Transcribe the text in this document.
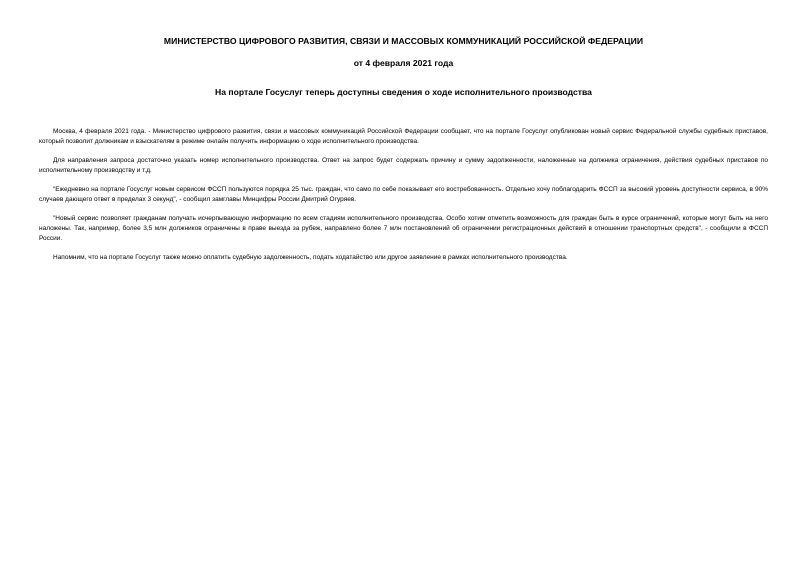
МИНИСТЕРСТВО ЦИФРОВОГО РАЗВИТИЯ, СВЯЗИ И МАССОВЫХ КОММУНИКАЦИЙ РОССИЙСКОЙ ФЕДЕРАЦИИ
от 4 февраля 2021 года
На портале Госуслуг теперь доступны сведения о ходе исполнительного производства

Москва, 4 февраля 2021 года. - Министерство цифрового развития, связи и массовых коммуникаций Российской Федерации сообщает, что на портале Госуслуг опубликован новый сервис Федеральной службы судебных приставов, который позволит должникам и взыскателям в режиме онлайн получить информацию о ходе исполнительного производства.

Для направления запроса достаточно указать номер исполнительного производства. Ответ на запрос будет содержать причину и сумму задолженности, наложенные на должника ограничения, действия судебных приставов по исполнительному производству и т.д.

"Ежедневно на портале Госуслуг новым сервисом ФССП пользуются порядка 25 тыс. граждан, что само по себе показывает его востребованность. Отдельно хочу поблагодарить ФССП за высокий уровень доступности сервиса, в 90% случаев дающего ответ в пределах 3 секунд", - сообщил замглавы Минцифры России Дмитрий Огуряев.

"Новый сервис позволяет гражданам получать исчерпывающую информацию по всем стадиям исполнительного производства. Особо хотим отметить возможность для граждан быть в курсе ограничений, которые могут быть на него наложены. Так, например, более 3,5 млн должников ограничены в праве выезда за рубеж, направлено более 7 млн постановлений об ограничении регистрационных действий в отношении транспортных средств", - сообщили в ФССП России.

Напомним, что на портале Госуслуг также можно оплатить судебную задолженность, подать ходатайство или другое заявление в рамках исполнительного производства.
